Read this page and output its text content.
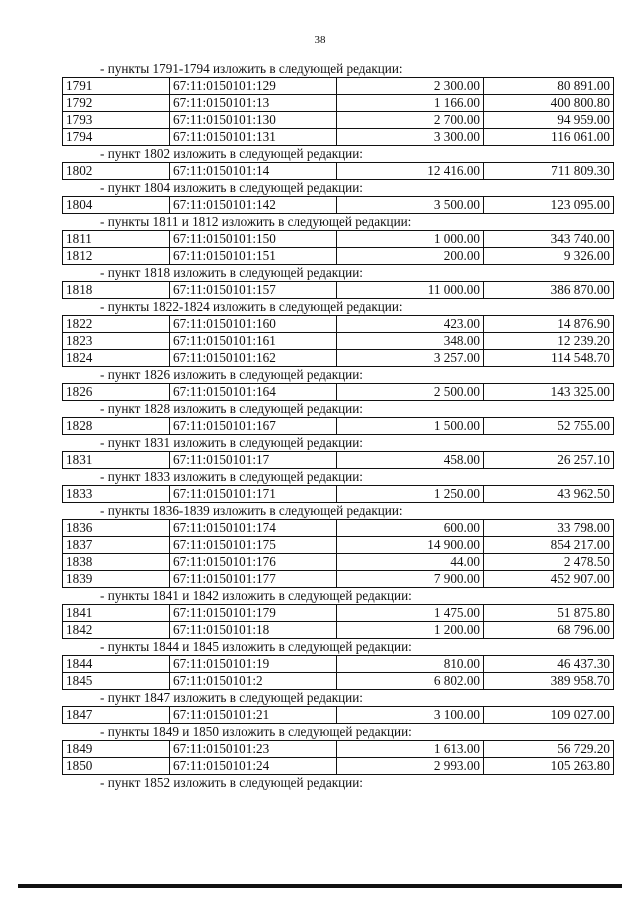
38
- пункты 1791-1794 изложить в следующей редакции:
1791	67:11:0150101:129	2 300.00	80 891.00
1792	67:11:0150101:13	1 166.00	400 800.80
1793	67:11:0150101:130	2 700.00	94 959.00
1794	67:11:0150101:131	3 300.00	116 061.00
- пункт 1802 изложить в следующей редакции:
1802	67:11:0150101:14	12 416.00	711 809.30
- пункт 1804 изложить в следующей редакции:
1804	67:11:0150101:142	3 500.00	123 095.00
- пункты 1811 и 1812 изложить в следующей редакции:
1811	67:11:0150101:150	1 000.00	343 740.00
1812	67:11:0150101:151	200.00	9 326.00
- пункт 1818 изложить в следующей редакции:
1818	67:11:0150101:157	11 000.00	386 870.00
- пункты 1822-1824 изложить в следующей редакции:
1822	67:11:0150101:160	423.00	14 876.90
1823	67:11:0150101:161	348.00	12 239.20
1824	67:11:0150101:162	3 257.00	114 548.70
- пункт 1826 изложить в следующей редакции:
1826	67:11:0150101:164	2 500.00	143 325.00
- пункт 1828 изложить в следующей редакции:
1828	67:11:0150101:167	1 500.00	52 755.00
- пункт 1831 изложить в следующей редакции:
1831	67:11:0150101:17	458.00	26 257.10
- пункт 1833 изложить в следующей редакции:
1833	67:11:0150101:171	1 250.00	43 962.50
- пункты 1836-1839 изложить в следующей редакции:
1836	67:11:0150101:174	600.00	33 798.00
1837	67:11:0150101:175	14 900.00	854 217.00
1838	67:11:0150101:176	44.00	2 478.50
1839	67:11:0150101:177	7 900.00	452 907.00
- пункты 1841 и 1842 изложить в следующей редакции:
1841	67:11:0150101:179	1 475.00	51 875.80
1842	67:11:0150101:18	1 200.00	68 796.00
- пункты 1844 и 1845 изложить в следующей редакции:
1844	67:11:0150101:19	810.00	46 437.30
1845	67:11:0150101:2	6 802.00	389 958.70
- пункт 1847 изложить в следующей редакции:
1847	67:11:0150101:21	3 100.00	109 027.00
- пункты 1849 и 1850 изложить в следующей редакции:
1849	67:11:0150101:23	1 613.00	56 729.20
1850	67:11:0150101:24	2 993.00	105 263.80
- пункт 1852 изложить в следующей редакции:
